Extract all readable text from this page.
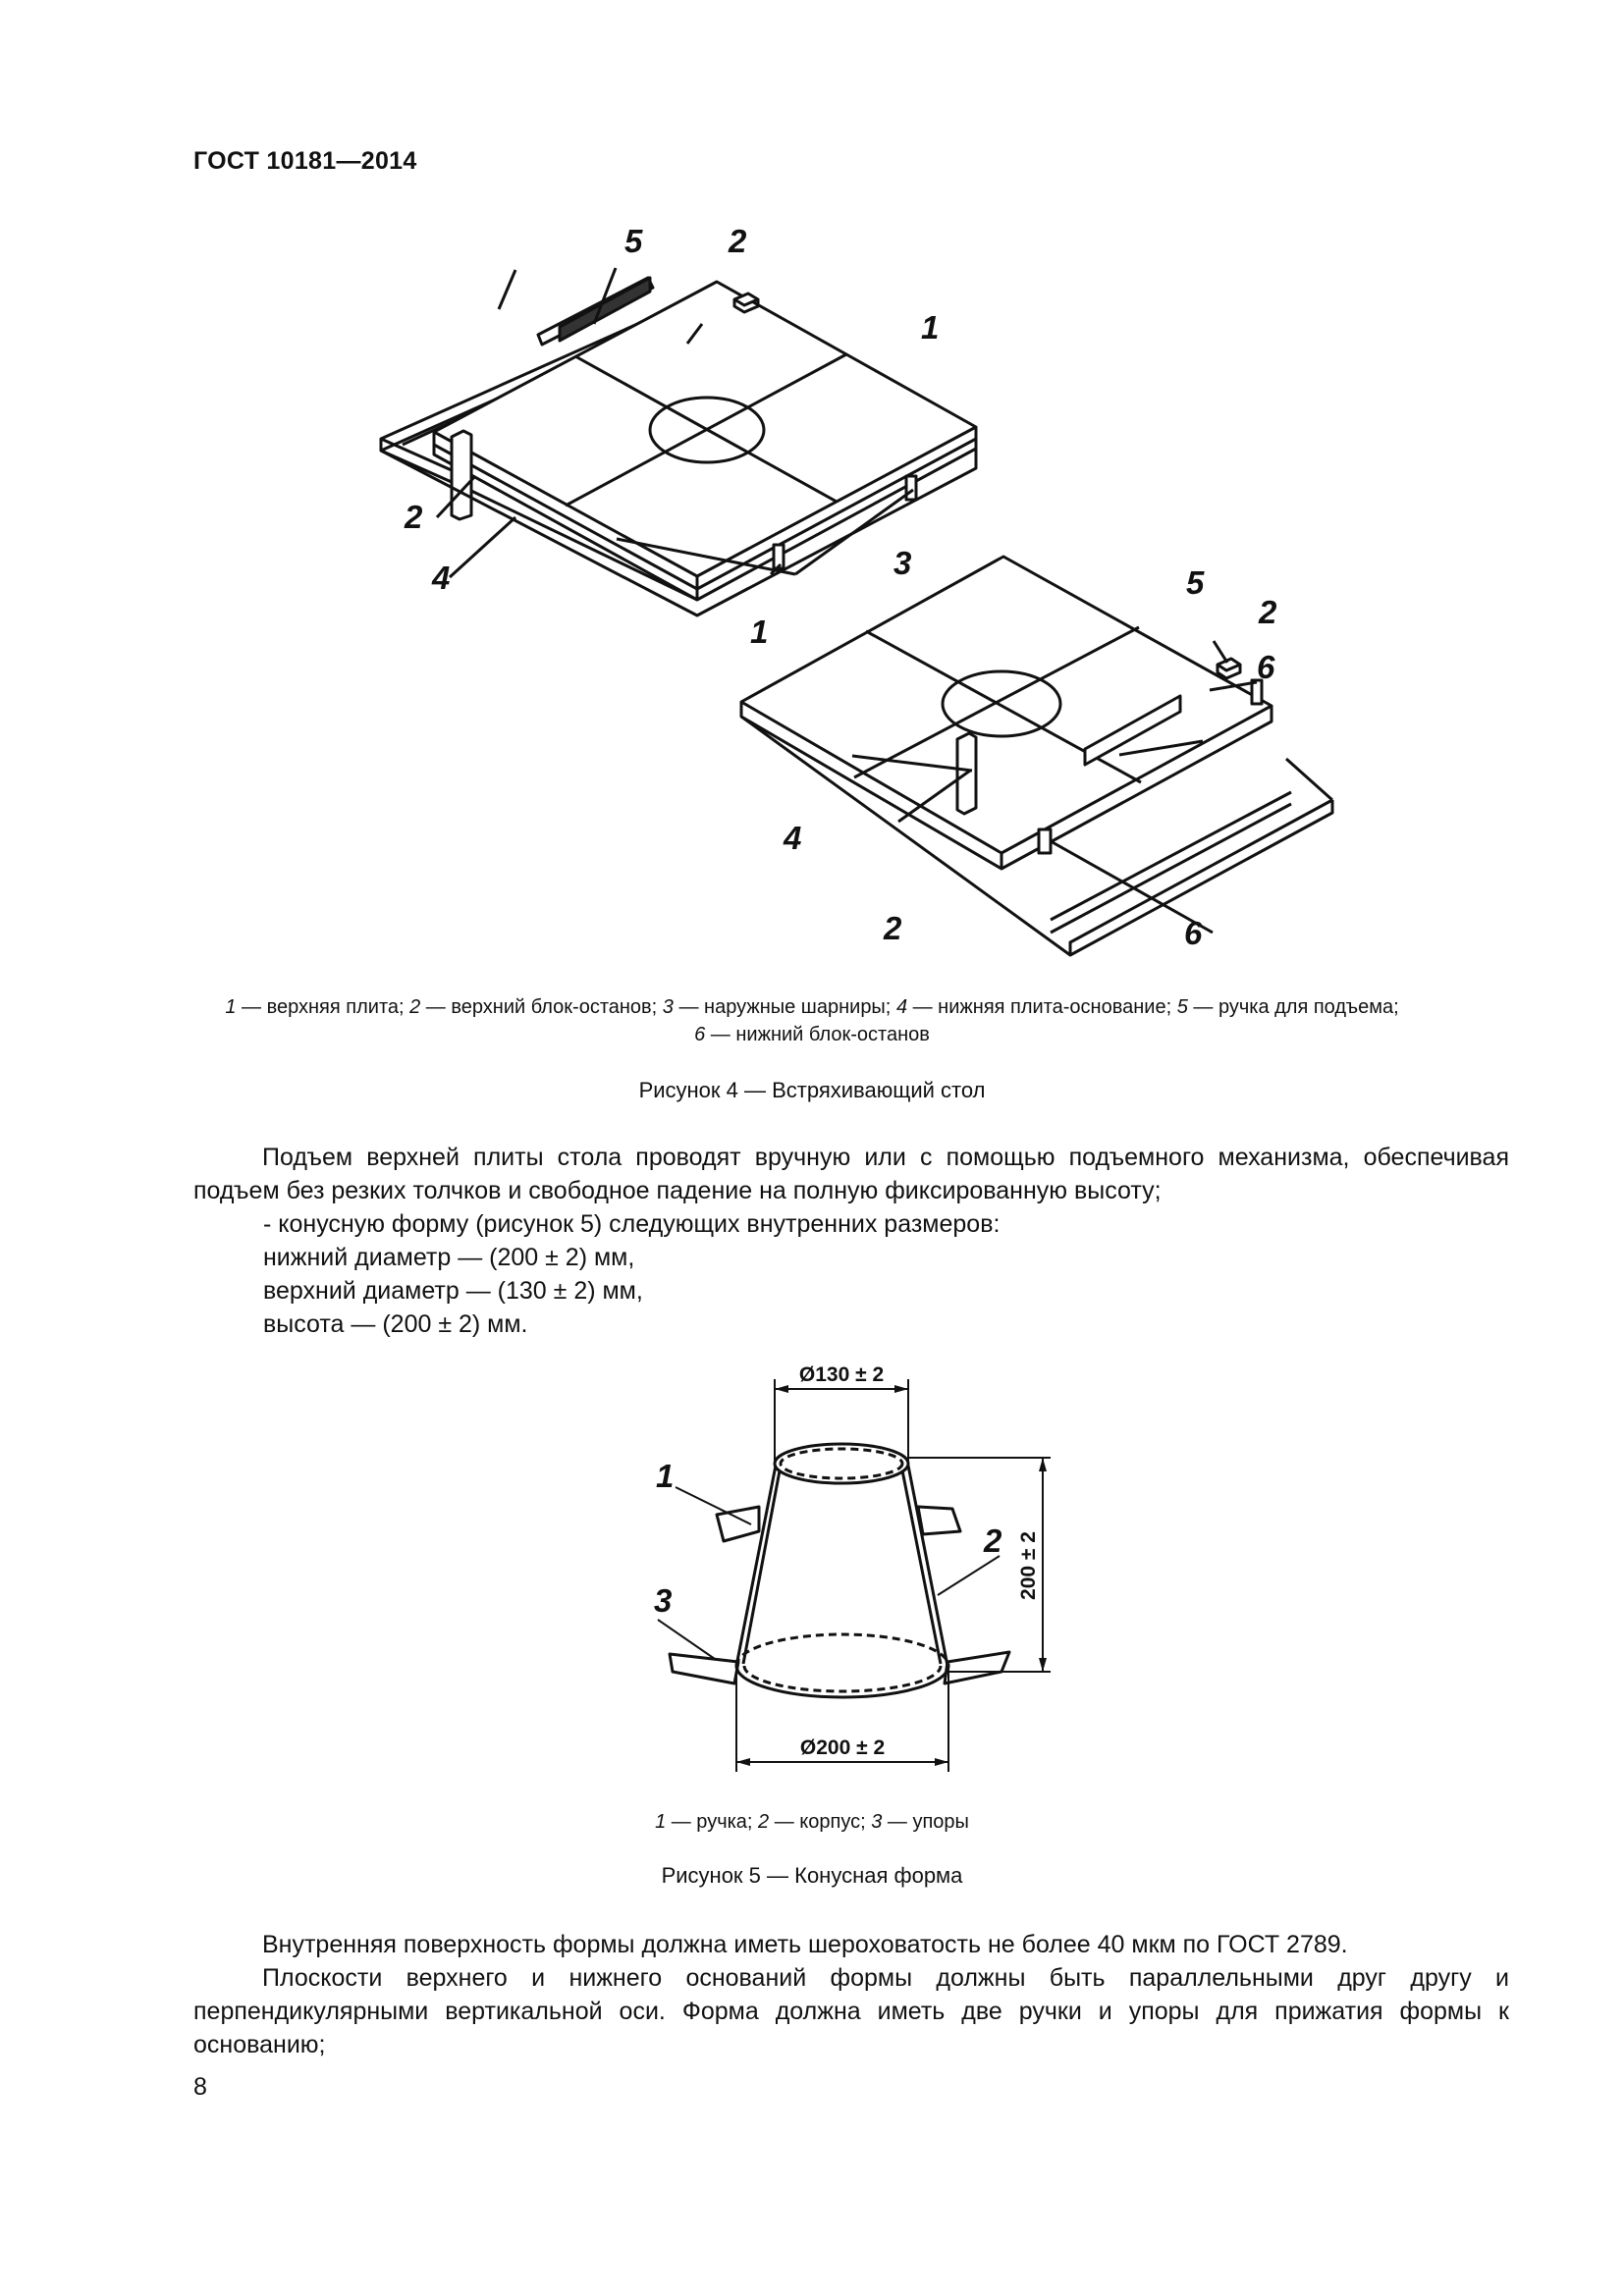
ГОСТ 10181—2014
5	2
1
2
4	3
5
2
1
6
4
2	6
1 — верхняя плита; 2 — верхний блок-останов; 3 — наружные шарниры; 4 — нижняя плита-основание; 5 — ручка для подъема;
6 — нижний блок-останов
Рисунок 4 — Встряхивающий стол
Подъем верхней плиты стола проводят вручную или с помощью подъемного механизма, обеспечивая подъем без резких толчков и свободное падение на полную фиксированную высоту;
- конусную форму (рисунок 5) следующих внутренних размеров:
нижний диаметр — (200 ± 2) мм,
верхний диаметр — (130 ± 2) мм,
высота — (200 ± 2) мм.
Ø130 ± 2
Ø200 ± 2
200 ± 2
1
2
3
1 — ручка; 2 — корпус; 3 — упоры
Рисунок 5 — Конусная форма
Внутренняя поверхность формы должна иметь шероховатость не более 40 мкм по ГОСТ 2789.
Плоскости верхнего и нижнего оснований формы должны быть параллельными друг другу и перпендикулярными вертикальной оси. Форма должна иметь две ручки и упоры для прижатия формы к основанию;
8
